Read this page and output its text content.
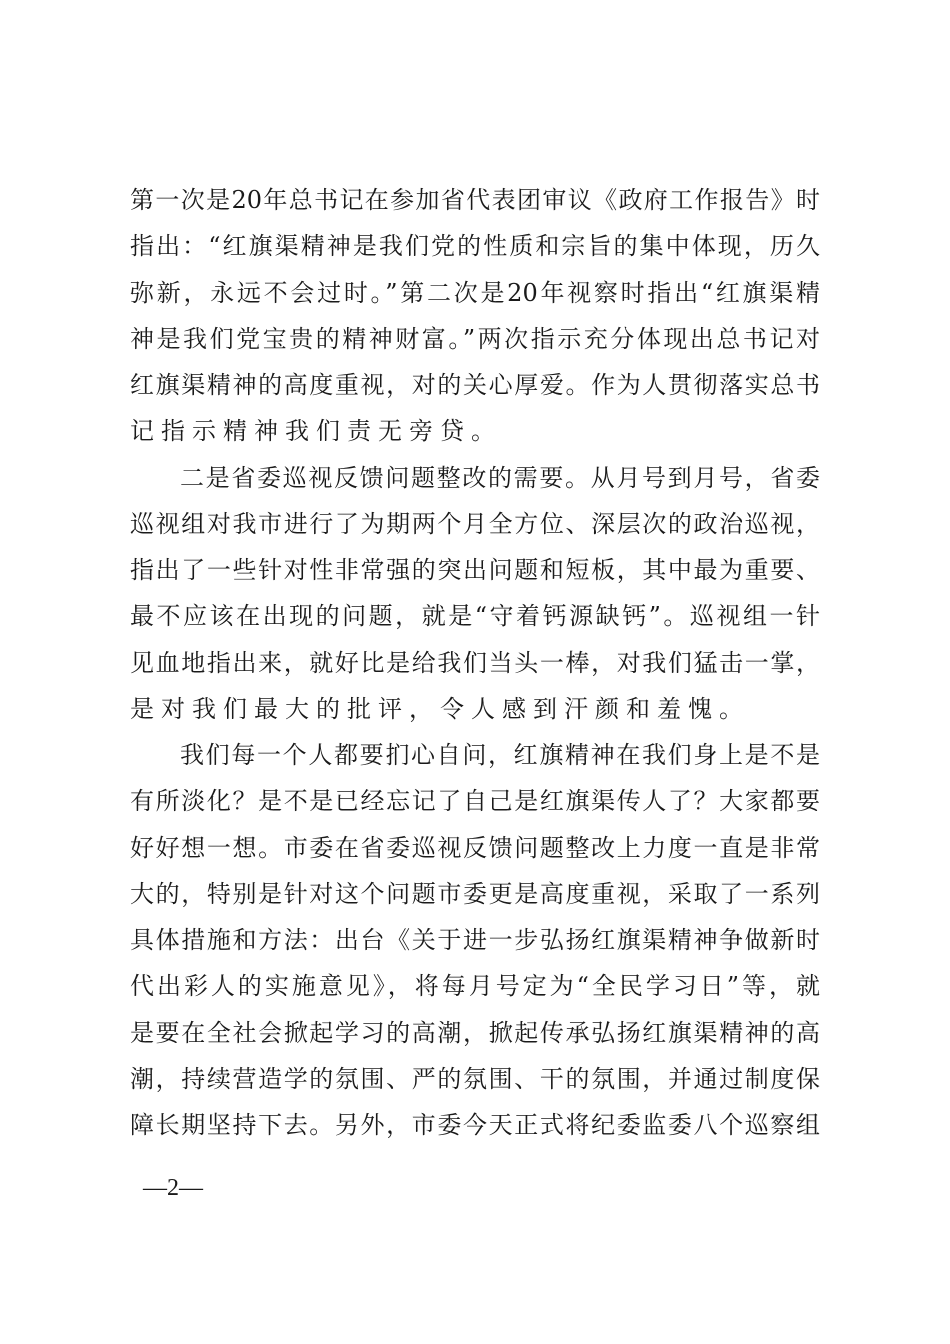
第一次是20年总书记在参加省代表团审议《政府工作报告》时
指出：“红旗渠精神是我们党的性质和宗旨的集中体现，历久
弥新，永远不会过时。”第二次是20年视察时指出“红旗渠精
神是我们党宝贵的精神财富。”两次指示充分体现出总书记对
红旗渠精神的高度重视，对的关心厚爱。作为人贯彻落实总书
记指示精神我们责无旁贷。
二是省委巡视反馈问题整改的需要。从月号到月号，省委
巡视组对我市进行了为期两个月全方位、深层次的政治巡视，
指出了一些针对性非常强的突出问题和短板，其中最为重要、
最不应该在出现的问题，就是“守着钙源缺钙”。巡视组一针
见血地指出来，就好比是给我们当头一棒，对我们猛击一掌，
是对我们最大的批评，令人感到汗颜和羞愧。
我们每一个人都要扪心自问，红旗精神在我们身上是不是
有所淡化？是不是已经忘记了自己是红旗渠传人了？大家都要
好好想一想。市委在省委巡视反馈问题整改上力度一直是非常
大的，特别是针对这个问题市委更是高度重视，采取了一系列
具体措施和方法：出台《关于进一步弘扬红旗渠精神争做新时
代出彩人的实施意见》，将每月号定为“全民学习日”等，就
是要在全社会掀起学习的高潮，掀起传承弘扬红旗渠精神的高
潮，持续营造学的氛围、严的氛围、干的氛围，并通过制度保
障长期坚持下去。另外，市委今天正式将纪委监委八个巡察组
—2—
